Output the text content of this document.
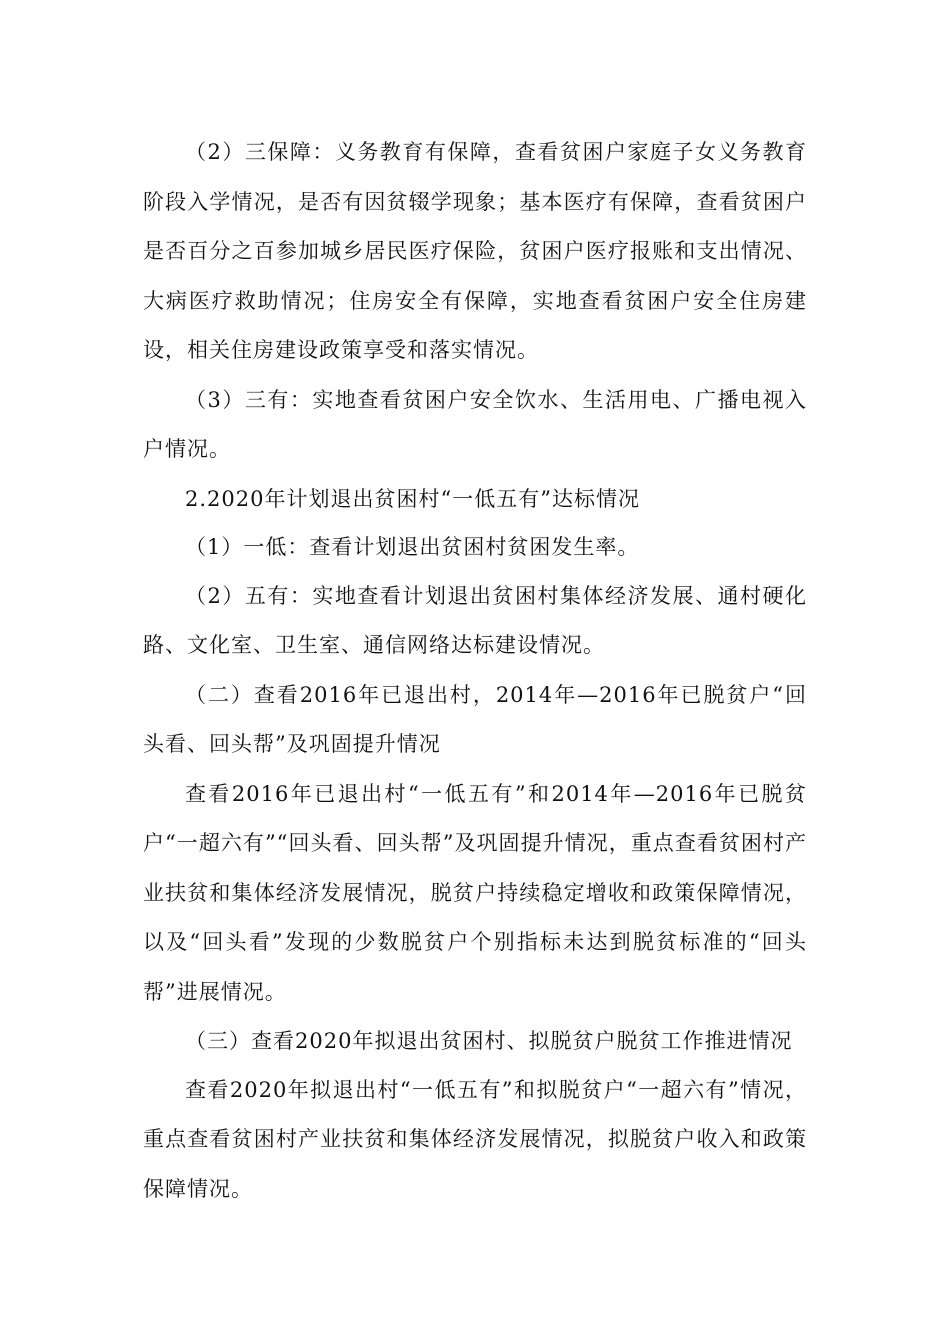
（2）三保障：义务教育有保障，查看贫困户家庭子女义务教育阶段入学情况，是否有因贫辍学现象；基本医疗有保障，查看贫困户是否百分之百参加城乡居民医疗保险，贫困户医疗报账和支出情况、大病医疗救助情况；住房安全有保障，实地查看贫困户安全住房建设，相关住房建设政策享受和落实情况。

（3）三有：实地查看贫困户安全饮水、生活用电、广播电视入户情况。

2.2020年计划退出贫困村“一低五有”达标情况

（1）一低：查看计划退出贫困村贫困发生率。

（2）五有：实地查看计划退出贫困村集体经济发展、通村硬化路、文化室、卫生室、通信网络达标建设情况。

（二）查看2016年已退出村，2014年—2016年已脱贫户“回头看、回头帮”及巩固提升情况

查看2016年已退出村“一低五有”和2014年—2016年已脱贫户“一超六有”“回头看、回头帮”及巩固提升情况，重点查看贫困村产业扶贫和集体经济发展情况，脱贫户持续稳定增收和政策保障情况，以及“回头看”发现的少数脱贫户个别指标未达到脱贫标准的“回头帮”进展情况。

（三）查看2020年拟退出贫困村、拟脱贫户脱贫工作推进情况

查看2020年拟退出村“一低五有”和拟脱贫户“一超六有”情况，重点查看贫困村产业扶贫和集体经济发展情况，拟脱贫户收入和政策保障情况。
